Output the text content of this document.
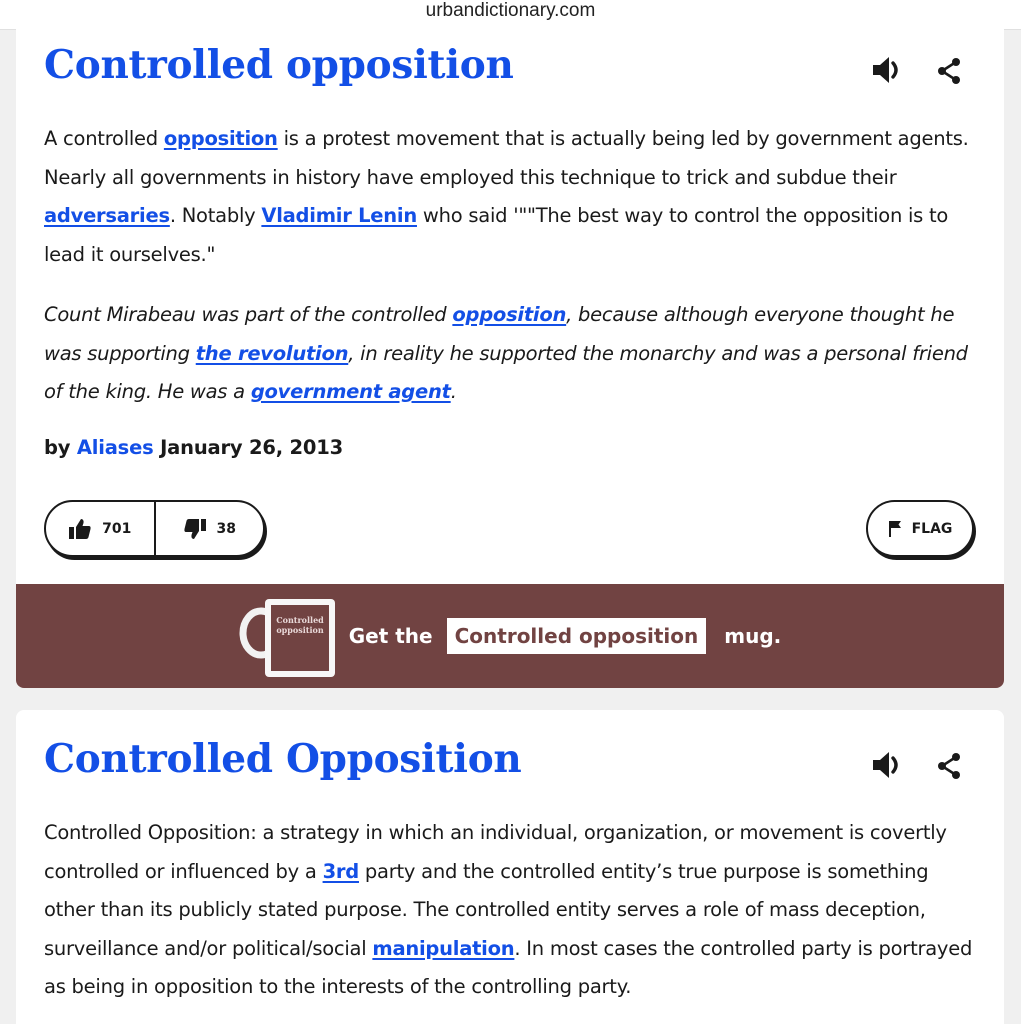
urbandictionary.com
Controlled opposition
A controlled opposition is a protest movement that is actually being led by government agents. Nearly all governments in history have employed this technique to trick and subdue their adversaries. Notably Vladimir Lenin who said '""The best way to control the opposition is to lead it ourselves."
Count Mirabeau was part of the controlled opposition, because although everyone thought he was supporting the revolution, in reality he supported the monarchy and was a personal friend of the king. He was a government agent.
by Aliases January 26, 2013
701	38	FLAG
Controlled
opposition Get the	Controlled opposition	mug.
Controlled Opposition
Controlled Opposition: a strategy in which an individual, organization, or movement is covertly controlled or influenced by a 3rd party and the controlled entity’s true purpose is something other than its publicly stated purpose. The controlled entity serves a role of mass deception, surveillance and/or political/social manipulation. In most cases the controlled party is portrayed as being in opposition to the interests of the controlling party.
